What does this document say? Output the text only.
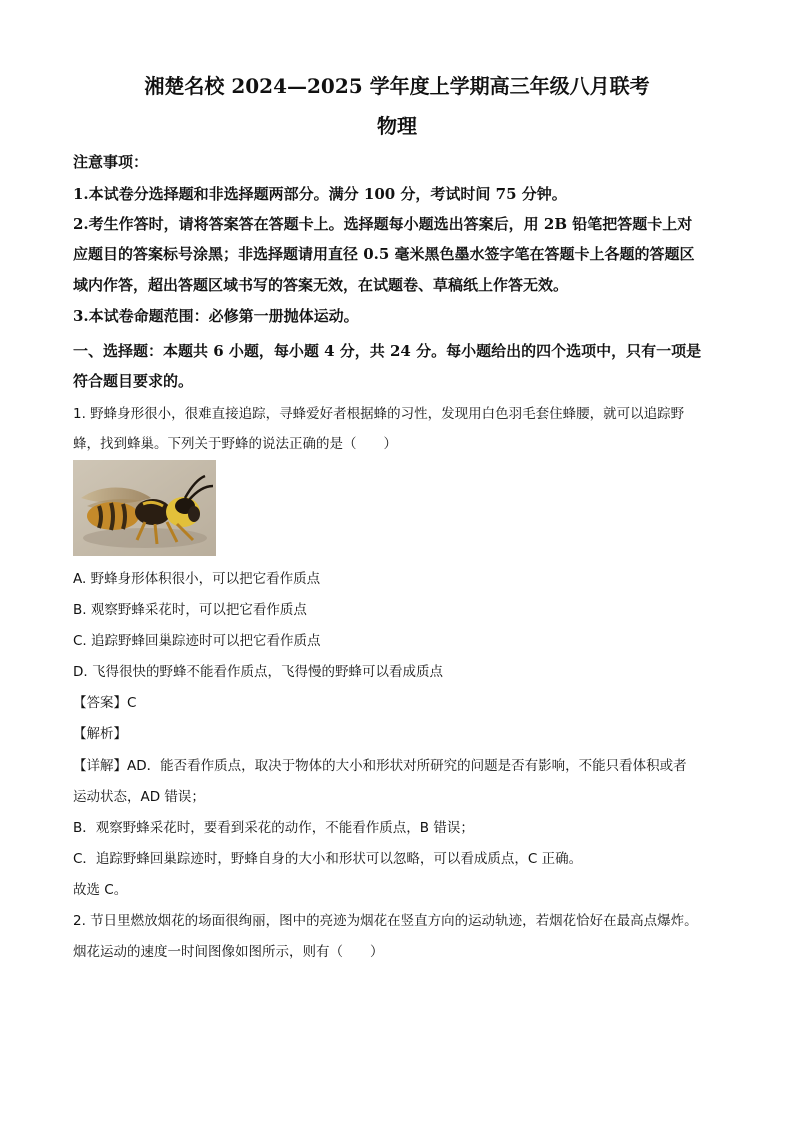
湘楚名校 2024—2025 学年度上学期高三年级八月联考
物理
注意事项：
1.本试卷分选择题和非选择题两部分。满分 100 分，考试时间 75 分钟。
2.考生作答时，请将答案答在答题卡上。选择题每小题选出答案后，用 2B 铅笔把答题卡上对
应题目的答案标号涂黑；非选择题请用直径 0.5 毫米黑色墨水签字笔在答题卡上各题的答题区
域内作答，超出答题区域书写的答案无效，在试题卷、草稿纸上作答无效。
3.本试卷命题范围：必修第一册抛体运动。
一、选择题：本题共 6 小题，每小题 4 分，共 24 分。每小题给出的四个选项中，只有一项是
符合题目要求的。
1. 野蜂身形很小，很难直接追踪，寻蜂爱好者根据蜂的习性，发现用白色羽毛套住蜂腰，就可以追踪野
蜂，找到蜂巢。下列关于野蜂的说法正确的是（　　）
A. 野蜂身形体积很小，可以把它看作质点
B. 观察野蜂采花时，可以把它看作质点
C. 追踪野蜂回巢踪迹时可以把它看作质点
D. 飞得很快的野蜂不能看作质点，飞得慢的野蜂可以看成质点
【答案】C
【解析】
【详解】AD．能否看作质点，取决于物体的大小和形状对所研究的问题是否有影响，不能只看体积或者
运动状态，AD 错误；
B．观察野蜂采花时，要看到采花的动作，不能看作质点，B 错误；
C．追踪野蜂回巢踪迹时，野蜂自身的大小和形状可以忽略，可以看成质点，C 正确。
故选 C。
2. 节日里燃放烟花的场面很绚丽，图中的亮迹为烟花在竖直方向的运动轨迹，若烟花恰好在最高点爆炸。
烟花运动的速度一时间图像如图所示，则有（　　）
